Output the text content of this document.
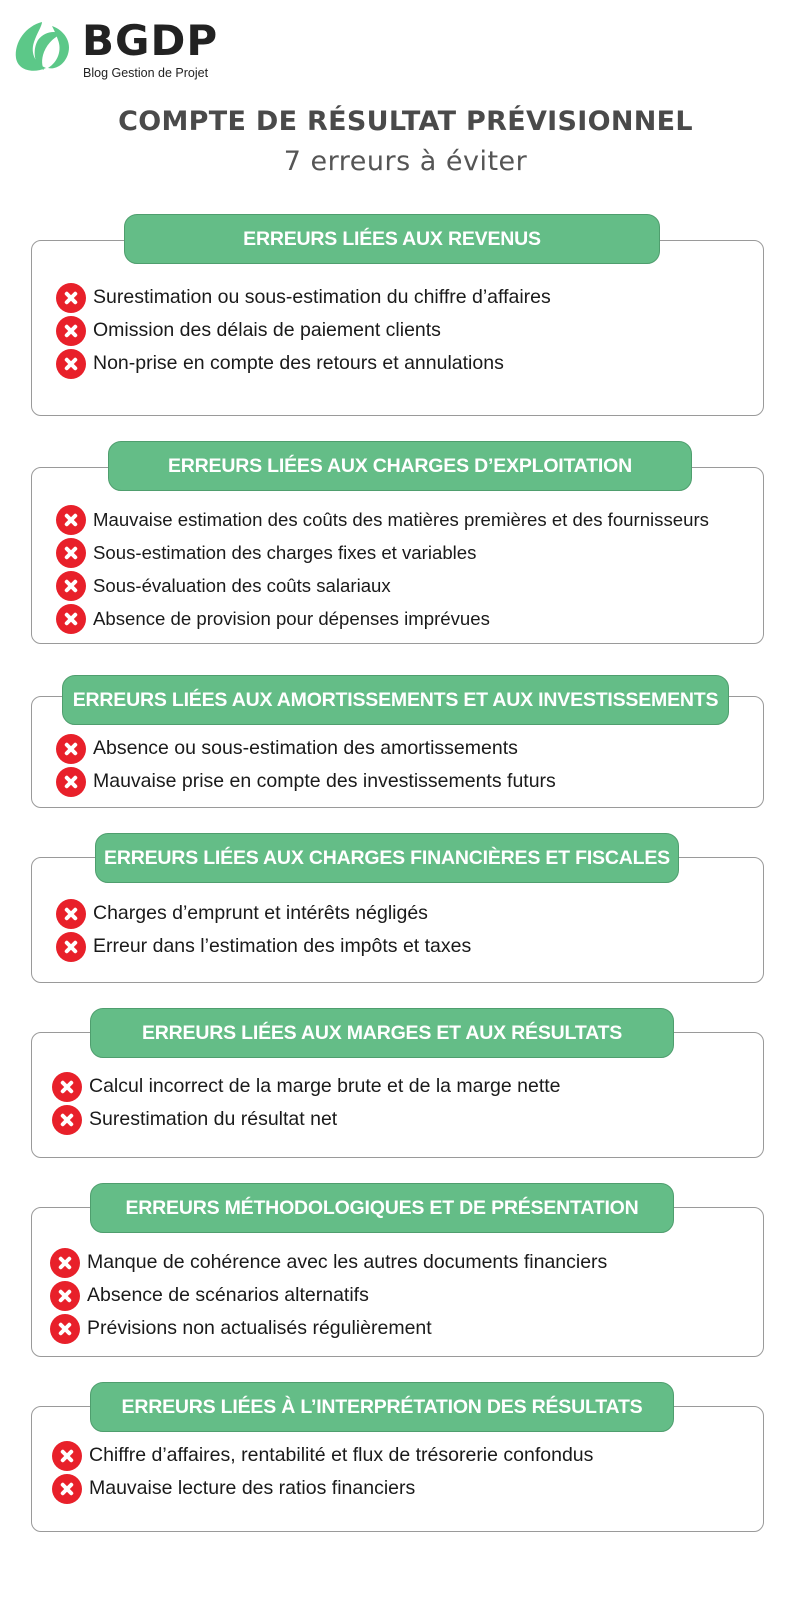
BGDP
Blog Gestion de Projet
COMPTE DE RÉSULTAT PRÉVISIONNEL
7 erreurs à éviter
ERREURS LIÉES AUX REVENUS
Surestimation ou sous-estimation du chiffre d’affaires
Omission des délais de paiement clients
Non-prise en compte des retours et annulations
ERREURS LIÉES AUX CHARGES D’EXPLOITATION
Mauvaise estimation des coûts des matières premières et des fournisseurs
Sous-estimation des charges fixes et variables
Sous-évaluation des coûts salariaux
Absence de provision pour dépenses imprévues
ERREURS LIÉES AUX AMORTISSEMENTS ET AUX INVESTISSEMENTS
Absence ou sous-estimation des amortissements
Mauvaise prise en compte des investissements futurs
ERREURS LIÉES AUX CHARGES FINANCIÈRES ET FISCALES
Charges d’emprunt et intérêts négligés
Erreur dans l’estimation des impôts et taxes
ERREURS LIÉES AUX MARGES ET AUX RÉSULTATS
Calcul incorrect de la marge brute et de la marge nette
Surestimation du résultat net
ERREURS MÉTHODOLOGIQUES ET DE PRÉSENTATION
Manque de cohérence avec les autres documents financiers
Absence de scénarios alternatifs
Prévisions non actualisés régulièrement
ERREURS LIÉES À L’INTERPRÉTATION DES RÉSULTATS
Chiffre d’affaires, rentabilité et flux de trésorerie confondus
Mauvaise lecture des ratios financiers
